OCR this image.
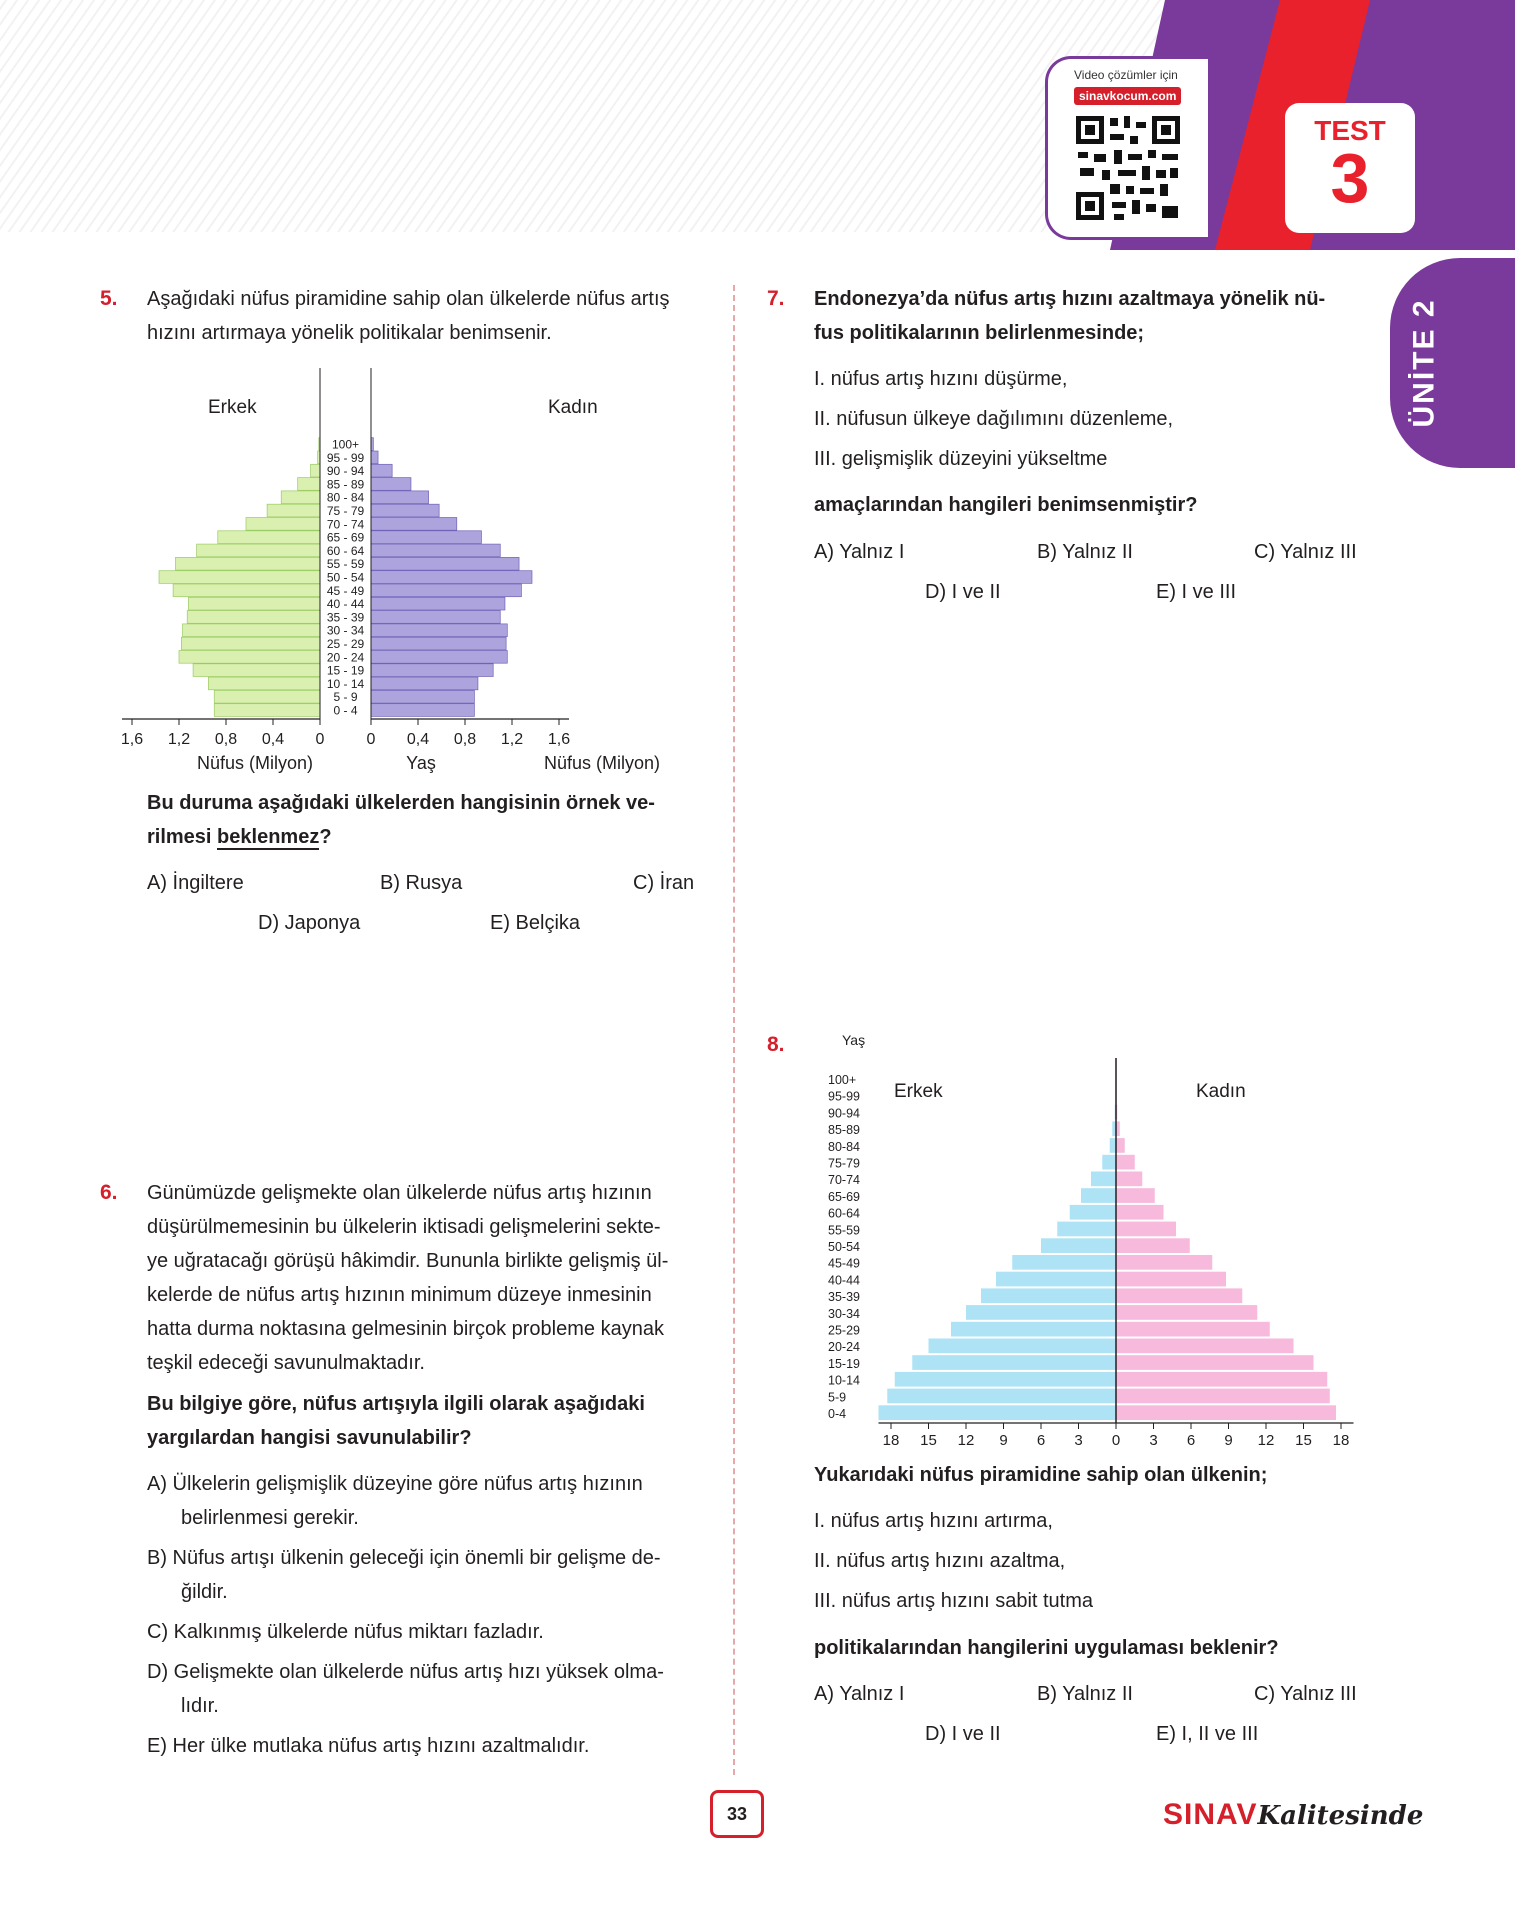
Video çözümler için
sinavkocum.com
TEST
3
ÜNİTE 2
5. Aşağıdaki nüfus piramidine sahip olan ülkelerde nüfus artış
hızını artırmaya yönelik politikalar benimsenir.
0 - 4
5 - 9
10 - 14
15 - 19
20 - 24
25 - 29
30 - 34
35 - 39
40 - 44
45 - 49
50 - 54
55 - 59
60 - 64
65 - 69
70 - 74
75 - 79
80 - 84
85 - 89
90 - 94
95 - 99
100+
1,6 1,2 0,8 0,4 0	0 0,4 0,8 1,2 1,6
Erkek	Kadın
Nüfus (Milyon)	Yaş	Nüfus (Milyon)
Bu duruma aşağıdaki ülkelerden hangisinin örnek ve-
rilmesi beklenmez?
A) İngiltere	B) Rusya	C) İran
D) Japonya	E) Belçika
6. Günümüzde gelişmekte olan ülkelerde nüfus artış hızının
düşürülmemesinin bu ülkelerin iktisadi gelişmelerini sekte-
ye uğratacağı görüşü hâkimdir. Bununla birlikte gelişmiş ül-
kelerde de nüfus artış hızının minimum düzeye inmesinin
hatta durma noktasına gelmesinin birçok probleme kaynak
teşkil edeceği savunulmaktadır.
Bu bilgiye göre, nüfus artışıyla ilgili olarak aşağıdaki
yargılardan hangisi savunulabilir?
A) Ülkelerin gelişmişlik düzeyine göre nüfus artış hızının
belirlenmesi gerekir.
B) Nüfus artışı ülkenin geleceği için önemli bir gelişme de-
ğildir.
C) Kalkınmış ülkelerde nüfus miktarı fazladır.
D) Gelişmekte olan ülkelerde nüfus artış hızı yüksek olma-
lıdır.
E) Her ülke mutlaka nüfus artış hızını azaltmalıdır.
7. Endonezya’da nüfus artış hızını azaltmaya yönelik nü-
fus politikalarının belirlenmesinde;
I. nüfus artış hızını düşürme,
II. nüfusun ülkeye dağılımını düzenleme,
III. gelişmişlik düzeyini yükseltme
amaçlarından hangileri benimsenmiştir?
A) Yalnız I	B) Yalnız II	C) Yalnız III
D) I ve II	E) I ve III
8.
0-4
5-9
10-14
15-19
20-24
25-29
30-34
35-39
40-44
45-49
50-54
55-59
60-64
65-69
70-74
75-79
80-84
85-89
90-94
95-99
100+
18 15 12 9 6 3 0 3 6 9 12 15 18
Yaş
Erkek	Kadın
Yukarıdaki nüfus piramidine sahip olan ülkenin;
I. nüfus artış hızını artırma,
II. nüfus artış hızını azaltma,
III. nüfus artış hızını sabit tutma
politikalarından hangilerini uygulaması beklenir?
A) Yalnız I	B) Yalnız II	C) Yalnız III
D) I ve II	E) I, II ve III
33	SINAVKalitesinde
